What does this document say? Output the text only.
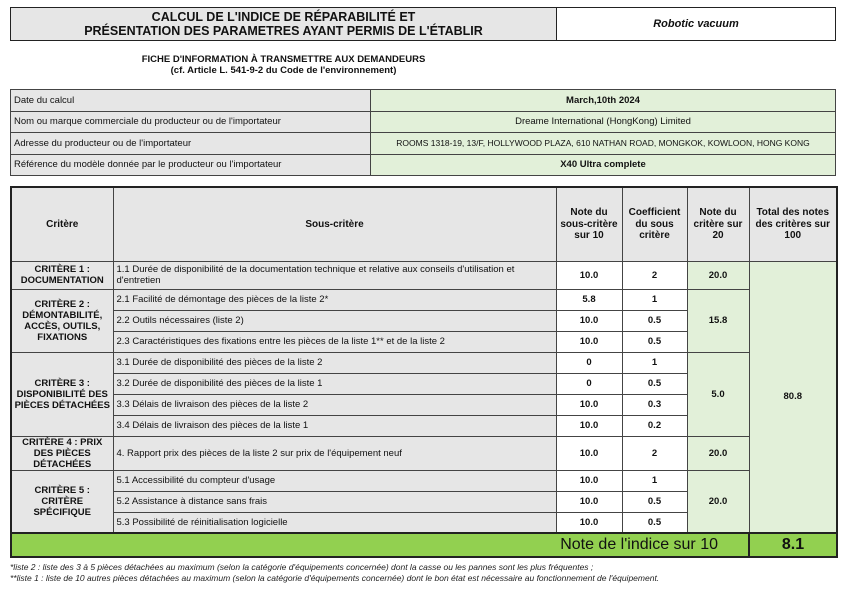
CALCUL DE L'INDICE DE RÉPARABILITÉ ET
PRÉSENTATION DES PARAMETRES AYANT PERMIS DE L'ÉTABLIR	Robotic vacuum
FICHE D'INFORMATION À TRANSMETTRE AUX DEMANDEURS
(cf. Article L. 541-9-2 du Code de l'environnement)
Date du calcul	March,10th 2024
Nom ou marque commerciale du producteur ou de l'importateur	Dreame International (HongKong) Limited
Adresse du producteur ou de l'importateur	ROOMS 1318-19, 13/F, HOLLYWOOD PLAZA, 610 NATHAN ROAD, MONGKOK, KOWLOON, HONG KONG
Référence du modèle donnée par le producteur ou l'importateur	X40 Ultra complete
Critère	Sous-critère	Note du sous-critère sur 10	Coefficient du sous critère	Note du critère sur 20	Total des notes des critères sur 100
CRITÈRE 1 : DOCUMENTATION	1.1 Durée de disponibilité de la documentation technique et relative aux conseils d'utilisation et d'entretien	10.0	2	20.0	80.8
CRITÈRE 2 : DÉMONTABILITÉ, ACCÈS, OUTILS, FIXATIONS	2.1 Facilité de démontage des pièces de la liste 2*	5.8	1	15.8	
	2.2 Outils nécessaires (liste 2)	10.0	0.5		
	2.3 Caractéristiques des fixations entre les pièces de la liste 1** et de la liste 2	10.0	0.5		
CRITÈRE 3 : DISPONIBILITÉ DES PIÈCES DÉTACHÉES	3.1 Durée de disponibilité des pièces de la liste 2	0	1	5.0	
	3.2 Durée de disponibilité des pièces de la liste 1	0	0.5		
	3.3 Délais de livraison des pièces de la liste 2	10.0	0.3		
	3.4 Délais de livraison des pièces de la liste 1	10.0	0.2		
CRITÈRE 4 : PRIX DES PIÈCES DÉTACHÉES	4. Rapport prix des pièces de la liste 2 sur prix de l'équipement neuf	10.0	2	20.0	
CRITÈRE 5 : CRITÈRE SPÉCIFIQUE	5.1 Accessibilité du compteur d'usage	10.0	1	20.0	
	5.2 Assistance à distance sans frais	10.0	0.5		
	5.3 Possibilité de réinitialisation logicielle	10.0	0.5		
Note de l'indice sur 10					8.1
*liste 2 : liste des 3 à 5 pièces détachées au maximum (selon la catégorie d'équipements concernée) dont la casse ou les pannes sont les plus fréquentes ;
**liste 1 : liste de 10 autres pièces détachées au maximum (selon la catégorie d'équipements concernée) dont le bon état est nécessaire au fonctionnement de l'équipement.
